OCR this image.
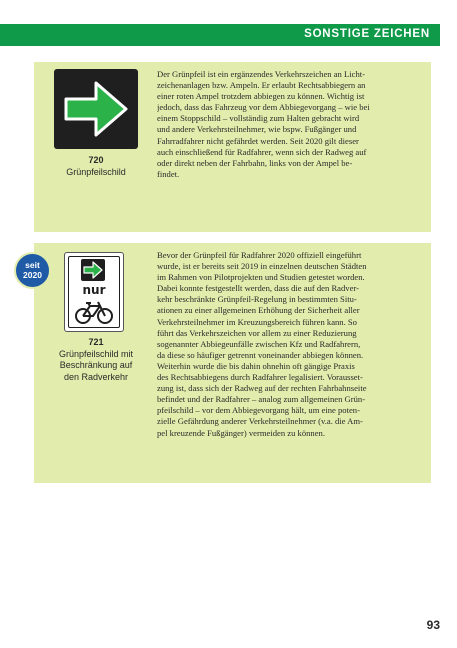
SONSTIGE ZEICHEN
720
Grünpfeilschild
Der Grünpfeil ist ein ergänzendes Verkehrszeichen an Licht-
zeichenanlagen bzw. Ampeln. Er erlaubt Rechtsabbiegern an
einer roten Ampel trotzdem abbiegen zu können. Wichtig ist
jedoch, dass das Fahrzeug vor dem Abbiegevorgang – wie bei
einem Stoppschild – vollständig zum Halten gebracht wird
und andere Verkehrsteilnehmer, wie bspw. Fußgänger und
Fahrradfahrer nicht gefährdet werden. Seit 2020 gilt dieser
auch einschließend für Radfahrer, wenn sich der Radweg auf
oder direkt neben der Fahrbahn, links von der Ampel be-
findet.
seit
2020
nur
721
Grünpfeilschild mit
Beschränkung auf
den Radverkehr
Bevor der Grünpfeil für Radfahrer 2020 offiziell eingeführt
wurde, ist er bereits seit 2019 in einzelnen deutschen Städten
im Rahmen von Pilotprojekten und Studien getestet worden.
Dabei konnte festgestellt werden, dass die auf den Radver-
kehr beschränkte Grünpfeil-Regelung in bestimmten Situ-
ationen zu einer allgemeinen Erhöhung der Sicherheit aller
Verkehrsteilnehmer im Kreuzungsbereich führen kann. So
führt das Verkehrszeichen vor allem zu einer Reduzierung
sogenannter Abbiegeunfälle zwischen Kfz und Radfahrern,
da diese so häufiger getrennt voneinander abbiegen können.
Weiterhin wurde die bis dahin ohnehin oft gängige Praxis
des Rechtsabbiegens durch Radfahrer legalisiert. Vorausset-
zung ist, dass sich der Radweg auf der rechten Fahrbahnseite
befindet und der Radfahrer – analog zum allgemeinen Grün-
pfeilschild – vor dem Abbiegevorgang hält, um eine poten-
zielle Gefährdung anderer Verkehrsteilnehmer (v.a. die Am-
pel kreuzende Fußgänger) vermeiden zu können.
93
